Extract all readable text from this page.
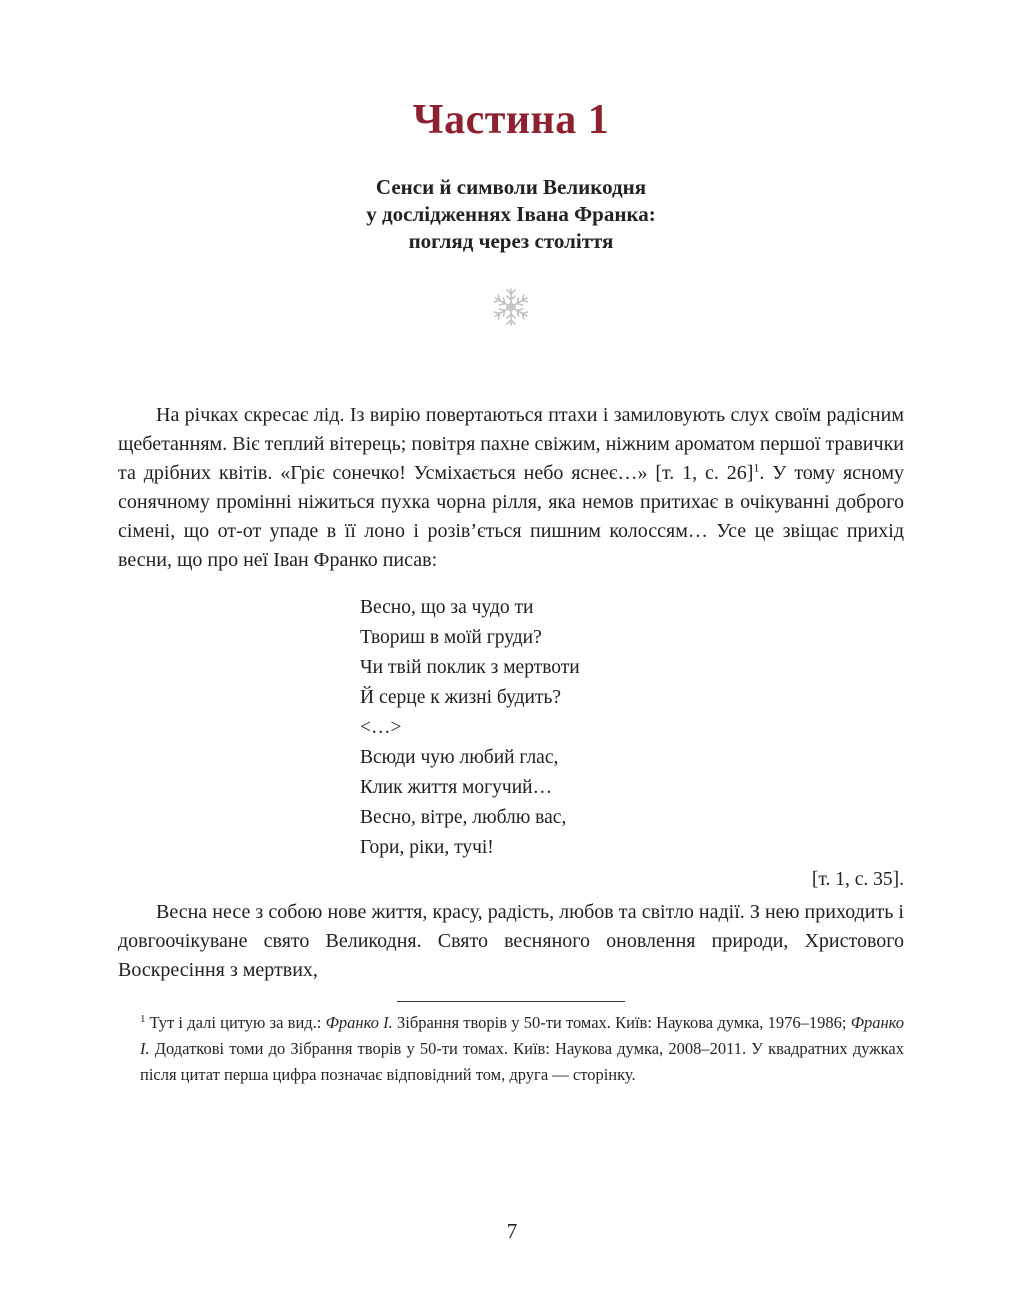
Частина 1
Сенси й символи Великодня
у дослідженнях Івана Франка:
погляд через століття

На річках скресає лід. Із вирію повертаються птахи і замиловують слух своїм радісним щебетанням. Віє теплий вітерець; повітря пахне свіжим, ніжним ароматом першої травички та дрібних квітів. «Гріє сонечко! Усміхається небо яснеє…» [т. 1, с. 26]$^1$. У тому ясному сонячному промінні ніжиться пухка чорна рілля, яка немов притихає в очікуванні доброго сімені, що от-от упаде в її лоно і розів’ється пишним колоссям… Усе це звіщає прихід весни, що про неї Іван Франко писав:

Весно, що за чудо ти
Твориш в моїй груди?
Чи твій поклик з мертвоти
Й серце к жизні будить?
<…>
Всюди чую любий глас,
Клик життя могучий…
Весно, вітре, люблю вас,
Гори, ріки, тучі!
[т. 1, с. 35].

Весна несе з собою нове життя, красу, радість, любов та світло надії. З нею приходить і довгоочікуване свято Великодня. Свято весняного оновлення природи, Христового Воскресіння з мертвих,

$^1$ Тут і далі цитую за вид.: Франко І. Зібрання творів у 50-ти томах. Київ: Наукова думка, 1976–1986; Франко І. Додаткові томи до Зібрання творів у 50-ти томах. Київ: Наукова думка, 2008–2011. У квадратних дужках після цитат перша цифра позначає відповідний том, друга — сторінку.
7
